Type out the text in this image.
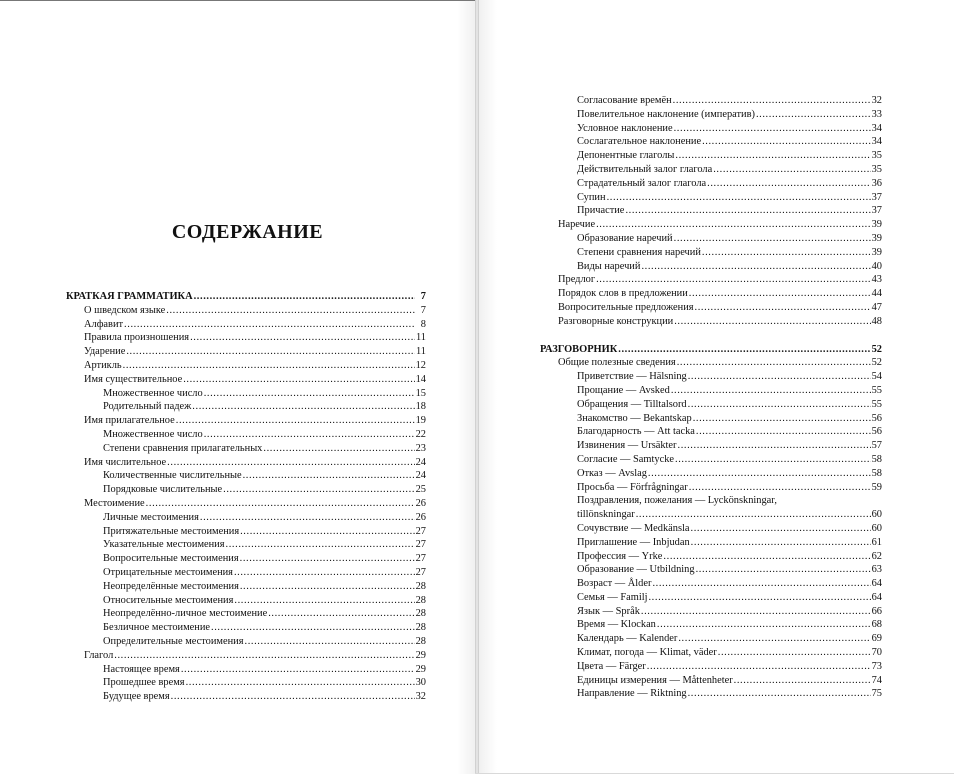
СОДЕРЖАНИЕ
КРАТКАЯ ГРАММАТИКА .....	7
О шведском языке .....	7
Алфавит .....	8
Правила произношения .....	11
Ударение .....	11
Артикль .....	12
Имя существительное .....	14
Множественное число .....	15
Родительный падеж .....	18
Имя прилагательное .....	19
Множественное число .....	22
Степени сравнения прилагательных .....	23
Имя числительное .....	24
Количественные числительные .....	24
Порядковые числительные .....	25
Местоимение .....	26
Личные местоимения .....	26
Притяжательные местоимения .....	27
Указательные местоимения .....	27
Вопросительные местоимения .....	27
Отрицательные местоимения .....	27
Неопределённые местоимения .....	28
Относительные местоимения .....	28
Неопределённо-личное местоимение .....	28
Безличное местоимение .....	28
Определительные местоимения .....	28
Глагол .....	29
Настоящее время .....	29
Прошедшее время .....	30
Будущее время .....	32
Согласование времён .....	32
Повелительное наклонение (императив) .....	33
Условное наклонение .....	34
Сослагательное наклонение .....	34
Депонентные глаголы .....	35
Действительный залог глагола .....	35
Страдательный залог глагола .....	36
Супин .....	37
Причастие .....	37
Наречие .....	39
Образование наречий .....	39
Степени сравнения наречий .....	39
Виды наречий .....	40
Предлог .....	43
Порядок слов в предложении .....	44
Вопросительные предложения .....	47
Разговорные конструкции .....	48
РАЗГОВОРНИК .....	52
Общие полезные сведения .....	52
Приветствие — Hälsning .....	54
Прощание — Avsked .....	55
Обращения — Tilltalsord .....	55
Знакомство — Bekantskap .....	56
Благодарность — Att tacka .....	56
Извинения — Ursäkter .....	57
Согласие — Samtycke .....	58
Отказ — Avslag .....	58
Просьба — Förfrågningar .....	59
Поздравления, пожелания — Lyckönskningar,
tillönskningar .....	60
Сочувствие — Medkänsla .....	60
Приглашение — Inbjudan .....	61
Профессия — Yrke .....	62
Образование — Utbildning .....	63
Возраст — Ålder .....	64
Семья — Familj .....	64
Язык — Språk .....	66
Время — Klockan .....	68
Календарь — Kalender .....	69
Климат, погода — Klimat, väder .....	70
Цвета — Färger .....	73
Единицы измерения — Måttenheter .....	74
Направление — Riktning .....	75
